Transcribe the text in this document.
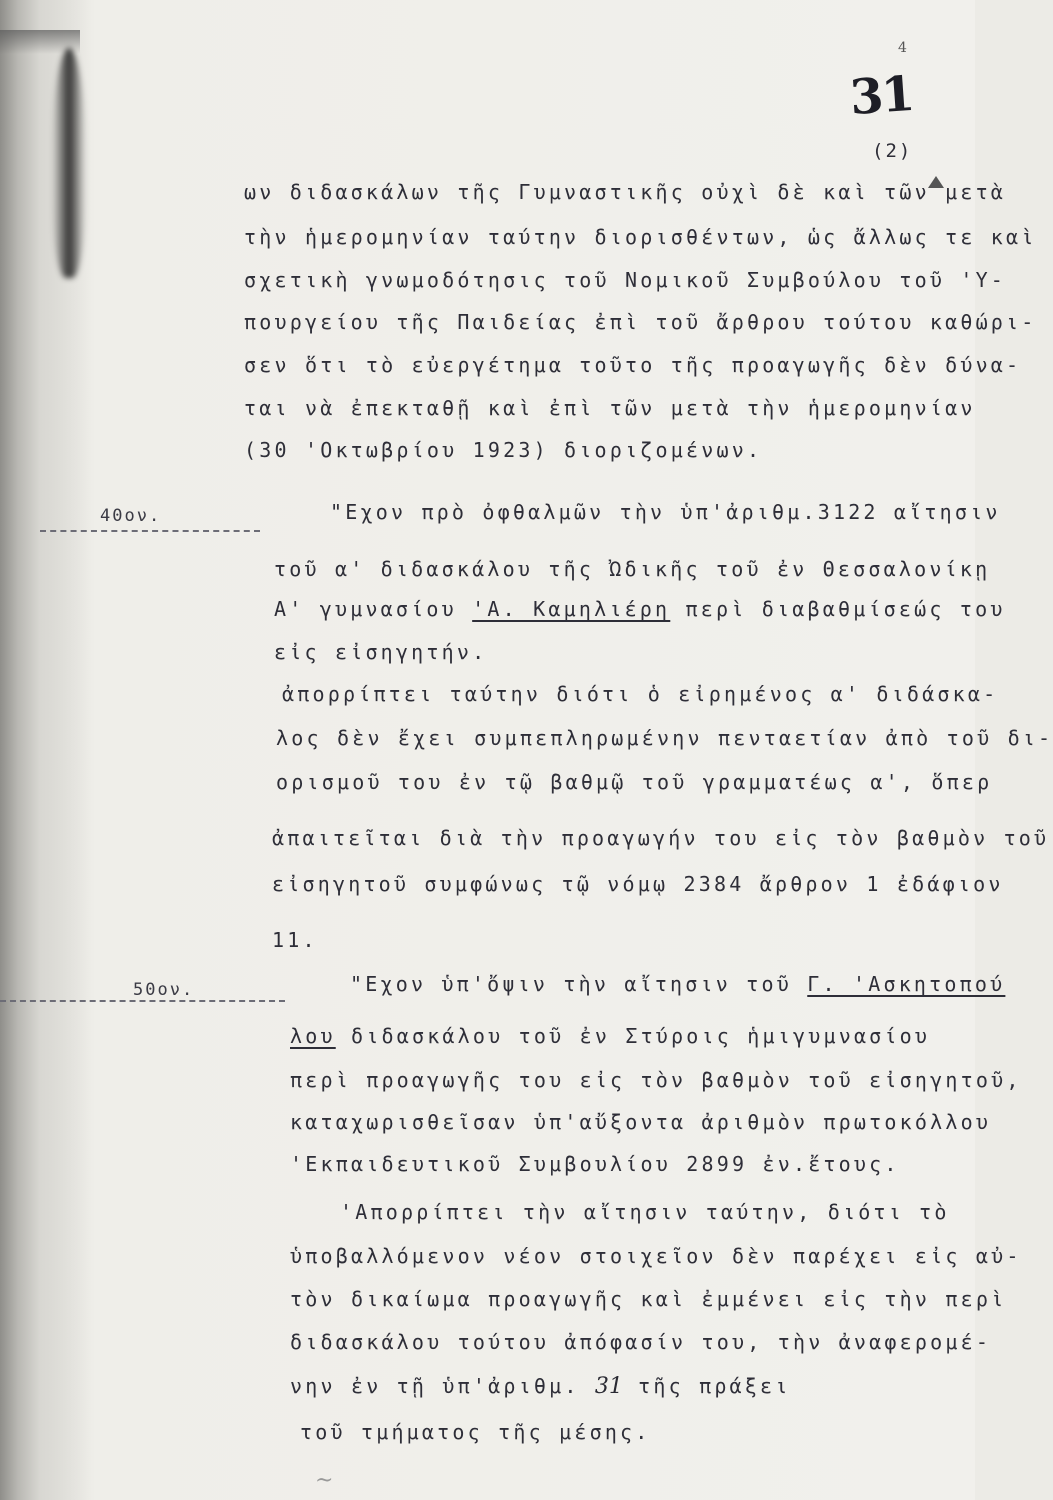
4
31
(2)
ων διδασκάλων τῆς Γυμναστικῆς οὐχὶ δὲ καὶ τῶν μετὰ
τὴν ἡμερομηνίαν ταύτην διορισθέντων, ὡς ἄλλως τε καὶ
σχετικὴ γνωμοδότησις τοῦ Νομικοῦ Συμβούλου τοῦ 'Υ-
πουργείου τῆς Παιδείας ἐπὶ τοῦ ἄρθρου τούτου καθώρι-
σεν ὅτι τὸ εὐεργέτημα τοῦτο τῆς προαγωγῆς δὲν δύνα-
ται νὰ ἐπεκταθῇ καὶ ἐπὶ τῶν μετὰ τὴν ἡμερομηνίαν
(30 'Οκτωβρίου 1923) διοριζομένων.
40ον.	"Εχον πρὸ ὀφθαλμῶν τὴν ὑπ'ἀριθμ.3122 αἴτησιν
τοῦ α' διδασκάλου τῆς Ὠδικῆς τοῦ ἐν Θεσσαλονίκῃ
Α' γυμνασίου 'Α. Καμηλιέρη περὶ διαβαθμίσεώς του
εἰς εἰσηγητήν.
ἀπορρίπτει ταύτην διότι ὁ εἰρημένος α' διδάσκα-
λος δὲν ἔχει συμπεπληρωμένην πενταετίαν ἀπὸ τοῦ δι-
ορισμοῦ του ἐν τῷ βαθμῷ τοῦ γραμματέως α', ὅπερ
ἀπαιτεῖται διὰ τὴν προαγωγήν του εἰς τὸν βαθμὸν τοῦ
εἰσηγητοῦ συμφώνως τῷ νόμῳ 2384 ἄρθρον 1 ἐδάφιον
11.
50ον.	"Εχον ὑπ'ὄψιν τὴν αἴτησιν τοῦ Γ. 'Ασκητοπού
λου διδασκάλου τοῦ ἐν Στύροις ἡμιγυμνασίου
περὶ προαγωγῆς του εἰς τὸν βαθμὸν τοῦ εἰσηγητοῦ,
καταχωρισθεῖσαν ὑπ'αὔξοντα ἀριθμὸν πρωτοκόλλου
'Εκπαιδευτικοῦ Συμβουλίου 2899 ἐν.ἔτους.
'Απορρίπτει τὴν αἴτησιν ταύτην, διότι τὸ
ὑποβαλλόμενον νέον στοιχεῖον δὲν παρέχει εἰς αὐ-
τὸν δικαίωμα προαγωγῆς καὶ ἐμμένει εἰς τὴν περὶ
διδασκάλου τούτου ἀπόφασίν του, τὴν ἀναφερομέ-
νην ἐν τῇ ὑπ'ἀριθμ. 31 τῆς πράξει
τοῦ τμήματος τῆς μέσης.
~
